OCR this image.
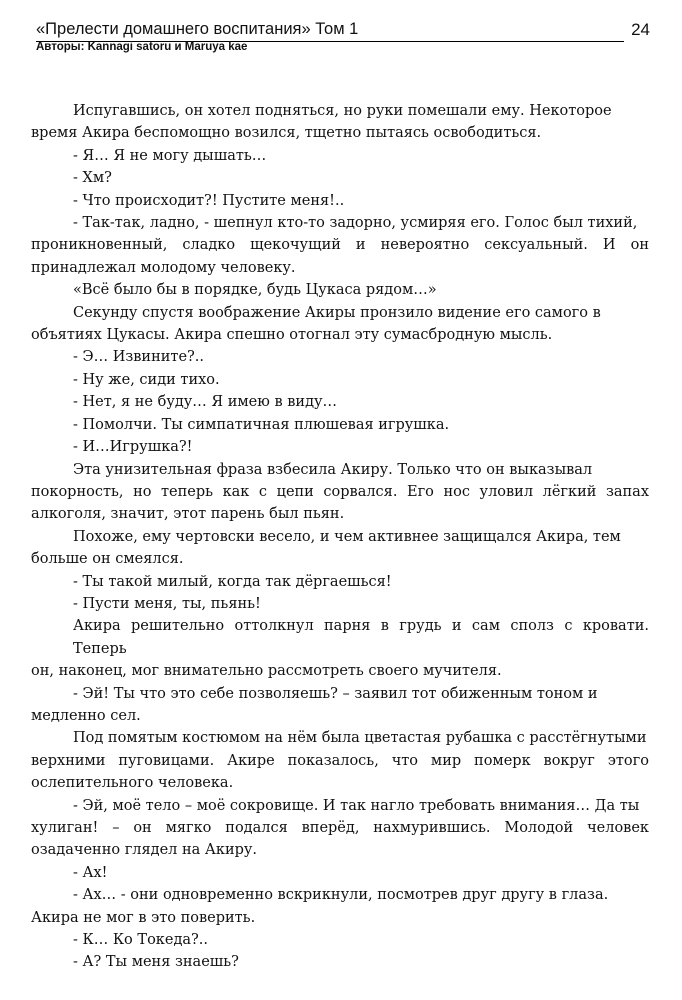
«Прелести домашнего воспитания» Том 1	24
Авторы: Kannagi satoru и Maruya kae

Испугавшись, он хотел подняться, но руки помешали ему. Некоторое
время Акира беспомощно возился, тщетно пытаясь освободиться.

- Я… Я не могу дышать…

- Хм?

- Что происходит?! Пустите меня!..

- Так-так, ладно, - шепнул кто-то задорно, усмиряя его. Голос был тихий,
проникновенный, сладко щекочущий и невероятно сексуальный. И он принадлежал молодому человеку.

«Всё было бы в порядке, будь Цукаса рядом…»

Секунду спустя воображение Акиры пронзило видение его самого в
объятиях Цукасы. Акира спешно отогнал эту сумасбродную мысль.

- Э… Извините?..

- Ну же, сиди тихо.

- Нет, я не буду… Я имею в виду…

- Помолчи. Ты симпатичная плюшевая игрушка.

- И…Игрушка?!

Эта унизительная фраза взбесила Акиру. Только что он выказывал
покорность, но теперь как с цепи сорвался. Его нос уловил лёгкий запах алкоголя, значит, этот парень был пьян.

Похоже, ему чертовски весело, и чем активнее защищался Акира, тем
больше он смеялся.

- Ты такой милый, когда так дёргаешься!

- Пусти меня, ты, пьянь!

Акира решительно оттолкнул парня в грудь и сам сполз с кровати. Теперь
он, наконец, мог внимательно рассмотреть своего мучителя.

- Эй! Ты что это себе позволяешь? – заявил тот обиженным тоном и
медленно сел.

Под помятым костюмом на нём была цветастая рубашка с расстёгнутыми
верхними пуговицами. Акире показалось, что мир померк вокруг этого ослепительного человека.

- Эй, моё тело – моё сокровище. И так нагло требовать внимания… Да ты
хулиган! – он мягко подался вперёд, нахмурившись. Молодой человек озадаченно глядел на Акиру.

- Ах!

- Ах… - они одновременно вскрикнули, посмотрев друг другу в глаза.
Акира не мог в это поверить.

- К… Ко Токеда?..

- А? Ты меня знаешь?
